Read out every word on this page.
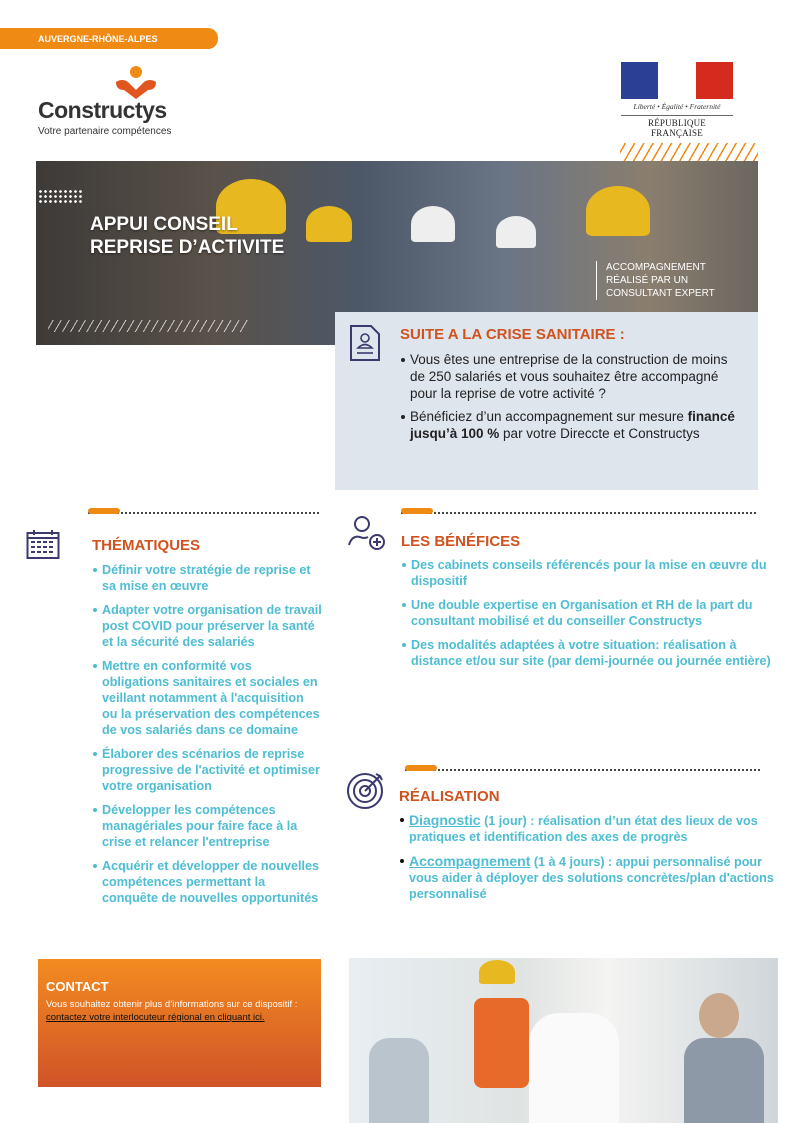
AUVERGNE-RHÔNE-ALPES
Constructys
Votre partenaire compétences
Liberté • Égalité • Fraternité
RÉPUBLIQUE FRANÇAISE
APPUI CONSEIL
REPRISE D’ACTIVITE
ACCOMPAGNEMENT
RÉALISÉ PAR UN
CONSULTANT EXPERT
SUITE A LA CRISE SANITAIRE :
Vous êtes une entreprise de la construction de moins de 250 salariés et vous souhaitez être accompagné pour la reprise de votre activité ?
Bénéficiez d’un accompagnement sur mesure financé jusqu’à 100 % par votre Direccte et Constructys
THÉMATIQUES
Définir votre stratégie de reprise et sa mise en œuvre
Adapter votre organisation de travail post COVID pour préserver la santé et la sécurité des salariés
Mettre en conformité vos obligations sanitaires et sociales en veillant notamment à l'acquisition ou la préservation des compétences de vos salariés dans ce domaine
Élaborer des scénarios de reprise progressive de l'activité et optimiser votre organisation
Développer les compétences managériales pour faire face à la crise et relancer l'entreprise
Acquérir et développer de nouvelles compétences permettant la conquête de nouvelles opportunités
LES BÉNÉFICES
Des cabinets conseils référencés pour la mise en œuvre du dispositif
Une double expertise en Organisation et RH de la part du consultant mobilisé et du conseiller Constructys
Des modalités adaptées à votre situation: réalisation à distance et/ou sur site (par demi-journée ou journée entière)
RÉALISATION
Diagnostic (1 jour) : réalisation d’un état des lieux de vos pratiques et identification des axes de progrès
Accompagnement (1 à 4 jours) : appui personnalisé pour vous aider à déployer des solutions concrètes/plan d'actions personnalisé
CONTACT

Vous souhaitez obtenir plus d’informations sur ce dispositif : contactez votre interlocuteur régional en cliquant ici.
